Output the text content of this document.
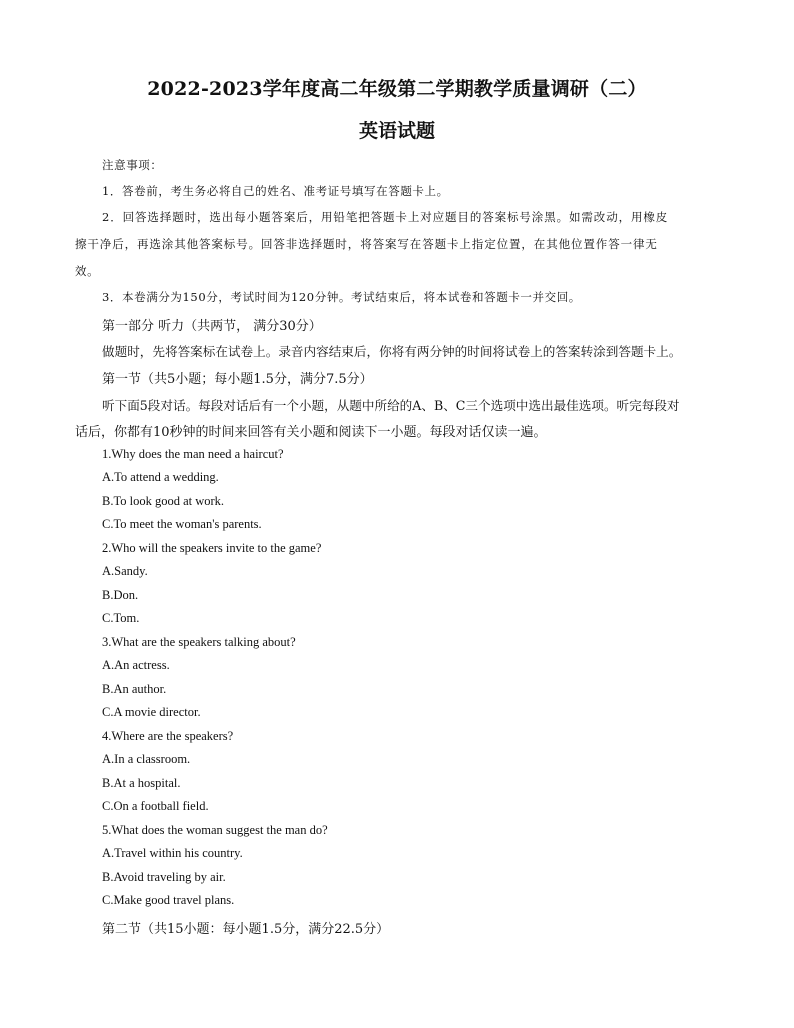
2022-2023学年度高二年级第二学期教学质量调研（二）
英语试题
注意事项：
1．答卷前，考生务必将自己的姓名、准考证号填写在答题卡上。
2．回答选择题时，选出每小题答案后，用铅笔把答题卡上对应题目的答案标号涂黑。如需改动，用橡皮
擦干净后，再选涂其他答案标号。回答非选择题时，将答案写在答题卡上指定位置，在其他位置作答一律无
效。
3．本卷满分为150分，考试时间为120分钟。考试结束后，将本试卷和答题卡一并交回。
第一部分 听力（共两节， 满分30分）
做题时，先将答案标在试卷上。录音内容结束后，你将有两分钟的时间将试卷上的答案转涂到答题卡上。
第一节（共5小题；每小题1.5分，满分7.5分）
听下面5段对话。每段对话后有一个小题，从题中所给的A、B、C三个选项中选出最佳选项。听完每段对
话后，你都有10秒钟的时间来回答有关小题和阅读下一小题。每段对话仅读一遍。
1.Why does the man need a haircut?
A.To attend a wedding.
B.To look good at work.
C.To meet the woman's parents.
2.Who will the speakers invite to the game?
A.Sandy.
B.Don.
C.Tom.
3.What are the speakers talking about?
A.An actress.
B.An author.
C.A movie director.
4.Where are the speakers?
A.In a classroom.
B.At a hospital.
C.On a football field.
5.What does the woman suggest the man do?
A.Travel within his country.
B.Avoid traveling by air.
C.Make good travel plans.
第二节（共15小题：每小题1.5分，满分22.5分）
